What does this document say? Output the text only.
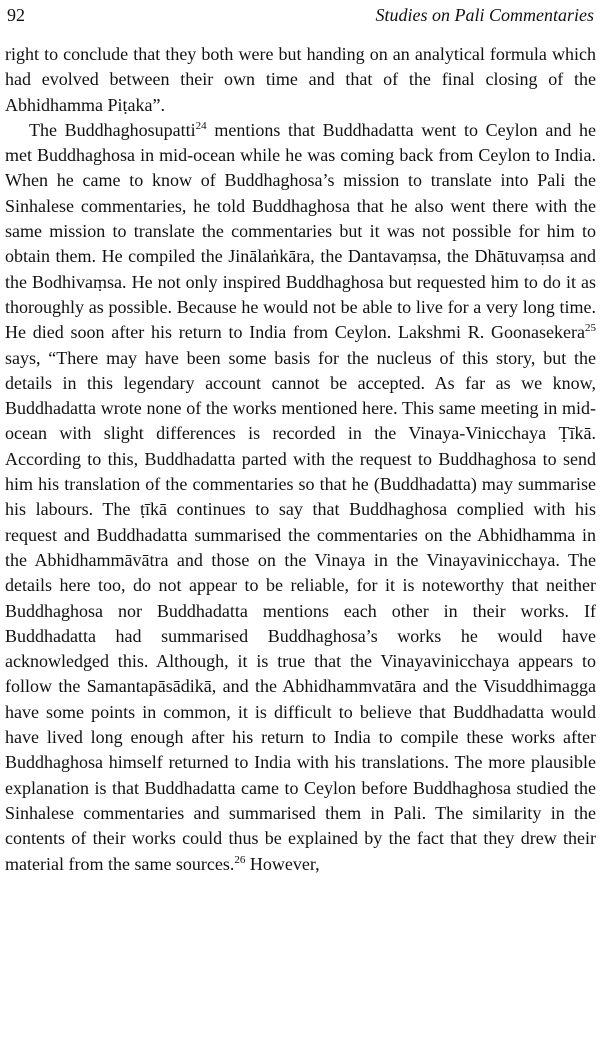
92	Studies on Pali Commentaries

right to conclude that they both were but handing on an analytical formula which had evolved between their own time and that of the final closing of the Abhidhamma Piṭaka”.

The Buddhaghosupatti$^{24}$ mentions that Buddhadatta went to Ceylon and he met Buddhaghosa in mid-ocean while he was coming back from Ceylon to India. When he came to know of Buddhaghosa’s mission to translate into Pali the Sinhalese commentaries, he told Buddhaghosa that he also went there with the same mission to translate the commentaries but it was not possible for him to obtain them. He compiled the Jinālaṅkāra, the Dantavaṃsa, the Dhātuvaṃsa and the Bodhivaṃsa. He not only inspired Buddhaghosa but requested him to do it as thoroughly as possible. Because he would not be able to live for a very long time. He died soon after his return to India from Ceylon. Lakshmi R. Goonasekera$^{25}$ says, “There may have been some basis for the nucleus of this story, but the details in this legendary account cannot be accepted. As far as we know, Buddhadatta wrote none of the works mentioned here. This same meeting in mid-ocean with slight differences is recorded in the Vinaya-Vinicchaya Ṭīkā. According to this, Buddhadatta parted with the request to Buddhaghosa to send him his translation of the commentaries so that he (Buddhadatta) may summarise his labours. The ṭīkā continues to say that Buddhaghosa complied with his request and Buddhadatta summarised the commentaries on the Abhidhamma in the Abhidhammāvātra and those on the Vinaya in the Vinayavinicchaya. The details here too, do not appear to be reliable, for it is noteworthy that neither Buddhaghosa nor Buddhadatta mentions each other in their works. If Buddhadatta had summarised Buddhaghosa’s works he would have acknowledged this. Although, it is true that the Vinayavinicchaya appears to follow the Samantapāsādikā, and the Abhidhammvatāra and the Visuddhimagga have some points in common, it is difficult to believe that Buddhadatta would have lived long enough after his return to India to compile these works after Buddhaghosa himself returned to India with his translations. The more plausible explanation is that Buddhadatta came to Ceylon before Buddhaghosa studied the Sinhalese commentaries and summarised them in Pali. The similarity in the contents of their works could thus be explained by the fact that they drew their material from the same sources.$^{26}$ However,
